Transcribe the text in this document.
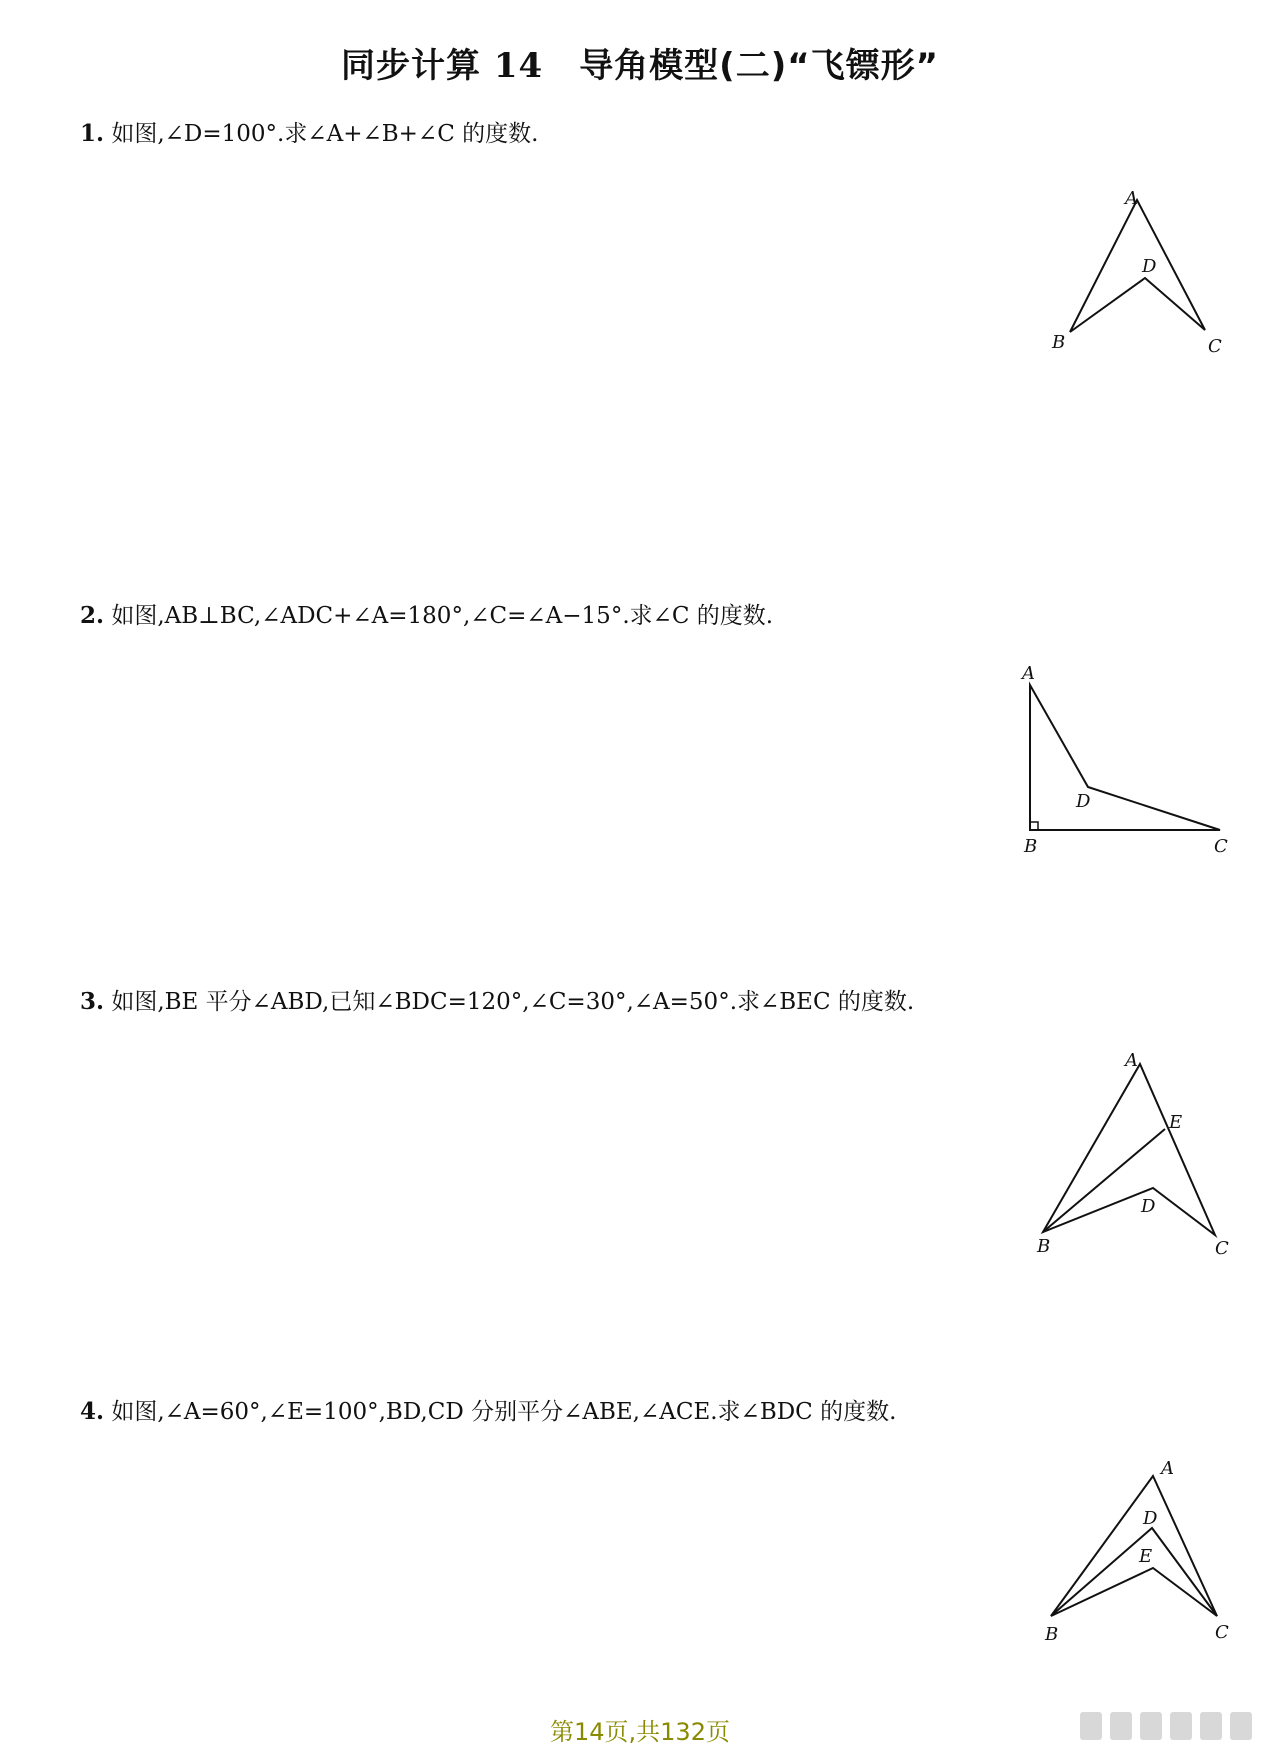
同步计算 14 导角模型(二)“飞镖形”
1. 如图,∠D=100°.求∠A+∠B+∠C 的度数.
A
D
B	C
2. 如图,AB⊥BC,∠ADC+∠A=180°,∠C=∠A−15°.求∠C 的度数.
A
D
B	C
3. 如图,BE 平分∠ABD,已知∠BDC=120°,∠C=30°,∠A=50°.求∠BEC 的度数.
A
E
D
B	C
4. 如图,∠A=60°,∠E=100°,BD,CD 分别平分∠ABE,∠ACE.求∠BDC 的度数.
A
D
E
B	C
第14页,共132页
